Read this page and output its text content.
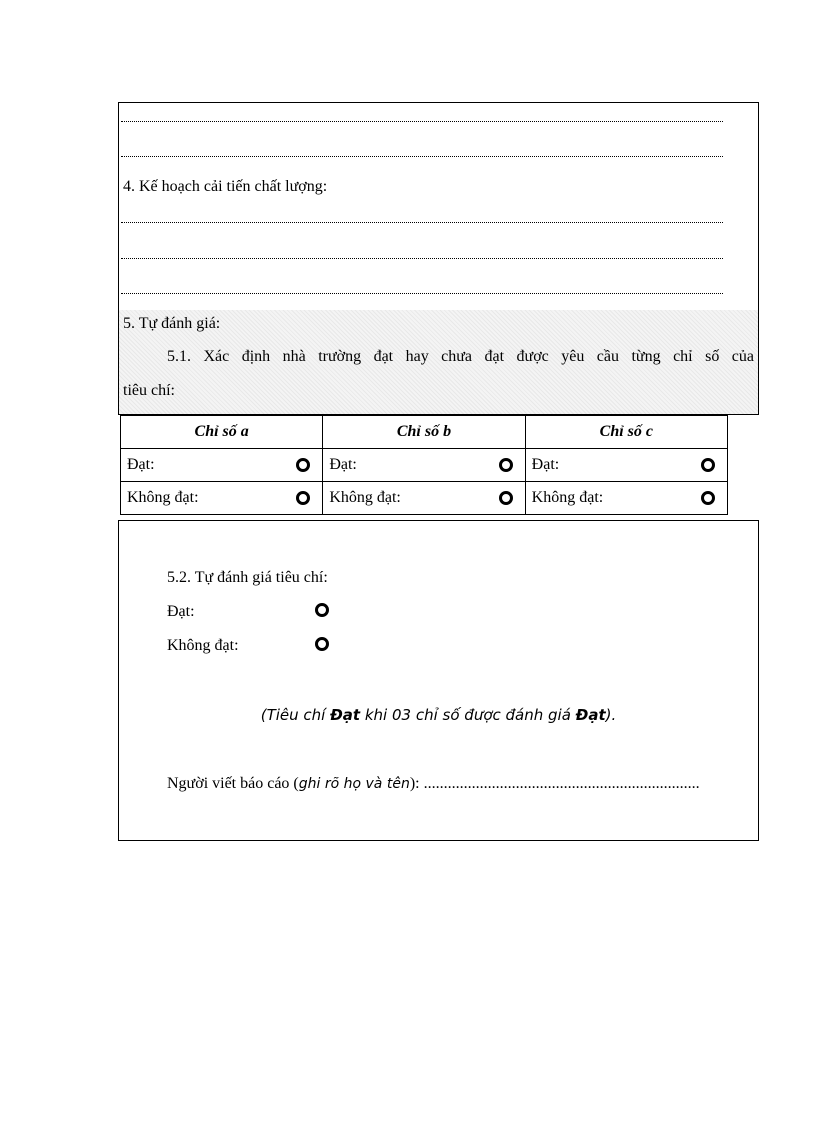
4. Kế hoạch cải tiến chất lượng:
5. Tự đánh giá:
5.1. Xác định nhà trường đạt hay chưa đạt được yêu cầu từng chỉ số của
tiêu chí:
Chỉ số a	Chỉ số b	Chỉ số c

Đạt:	Đạt:	Đạt:

Không đạt:	Không đạt:	Không đạt:
5.2. Tự đánh giá tiêu chí:
Đạt:
Không đạt:
(Tiêu chí Đạt khi 03 chỉ số được đánh giá Đạt).
Người viết báo cáo (ghi rõ họ và tên): .....................................................................
